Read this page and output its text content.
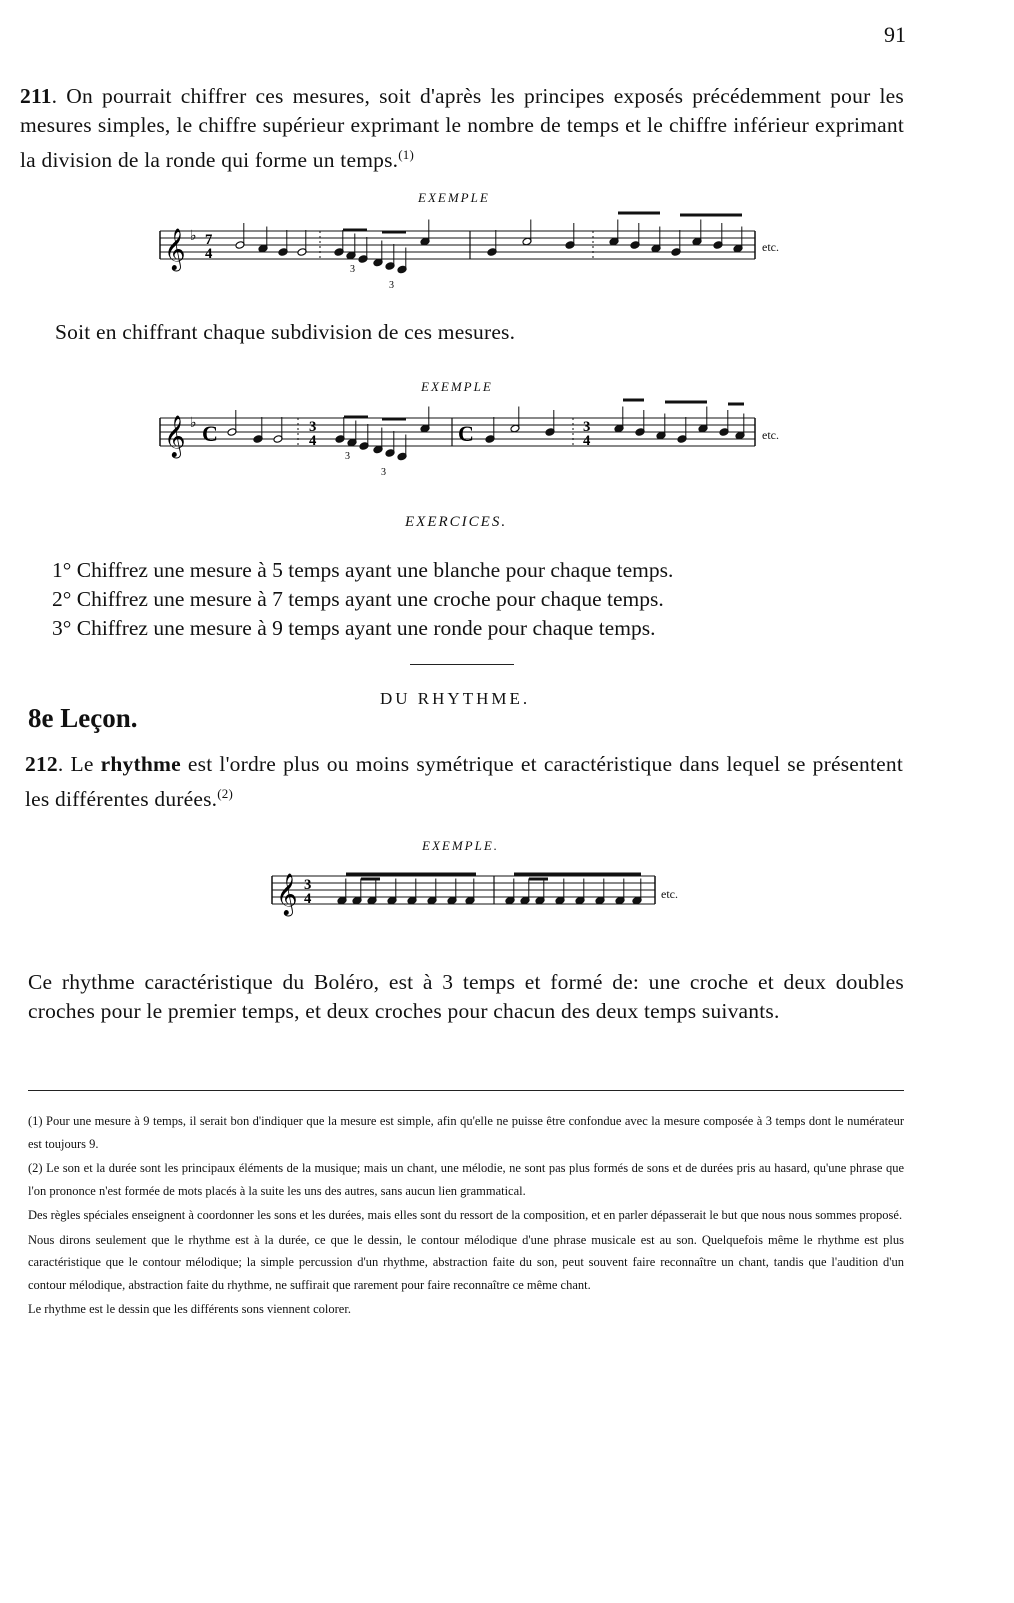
91
211. On pourrait chiffrer ces mesures, soit d'après les principes exposés précédemment pour les mesures simples, le chiffre supérieur exprimant le nombre de temps et le chiffre inférieur exprimant la division de la ronde qui forme un temps.$^{(1)}$
EXEMPLE
𝄞 ♭ 7
4
3
3
etc.
Soit en chiffrant chaque subdivision de ces mesures.
EXEMPLE
𝄞 ♭ C	3
4	C	3
4
3
3
etc.
EXERCICES.
1° Chiffrez une mesure à 5 temps ayant une blanche pour chaque temps.
2° Chiffrez une mesure à 7 temps ayant une croche pour chaque temps.
3° Chiffrez une mesure à 9 temps ayant une ronde pour chaque temps.
DU RHYTHME.
8e Leçon.
212. Le rhythme est l'ordre plus ou moins symétrique et caractéristique dans lequel se présentent les différentes durées.$^{(2)}$
EXEMPLE.
𝄞 3
4	etc.
Ce rhythme caractéristique du Boléro, est à 3 temps et formé de: une croche et deux doubles croches pour le premier temps, et deux croches pour chacun des deux temps suivants.
(1) Pour une mesure à 9 temps, il serait bon d'indiquer que la mesure est simple, afin qu'elle ne puisse être confondue avec la mesure composée à 3 temps dont le numérateur est toujours 9.
(2) Le son et la durée sont les principaux éléments de la musique; mais un chant, une mélodie, ne sont pas plus formés de sons et de durées pris au hasard, qu'une phrase que l'on prononce n'est formée de mots placés à la suite les uns des autres, sans aucun lien grammatical.
Des règles spéciales enseignent à coordonner les sons et les durées, mais elles sont du ressort de la composition, et en parler dépasserait le but que nous nous sommes proposé.
Nous dirons seulement que le rhythme est à la durée, ce que le dessin, le contour mélodique d'une phrase musicale est au son. Quelquefois même le rhythme est plus caractéristique que le contour mélodique; la simple percussion d'un rhythme, abstraction faite du son, peut souvent faire reconnaître un chant, tandis que l'audition d'un contour mélodique, abstraction faite du rhythme, ne suffirait que rarement pour faire reconnaître ce même chant.
Le rhythme est le dessin que les différents sons viennent colorer.
